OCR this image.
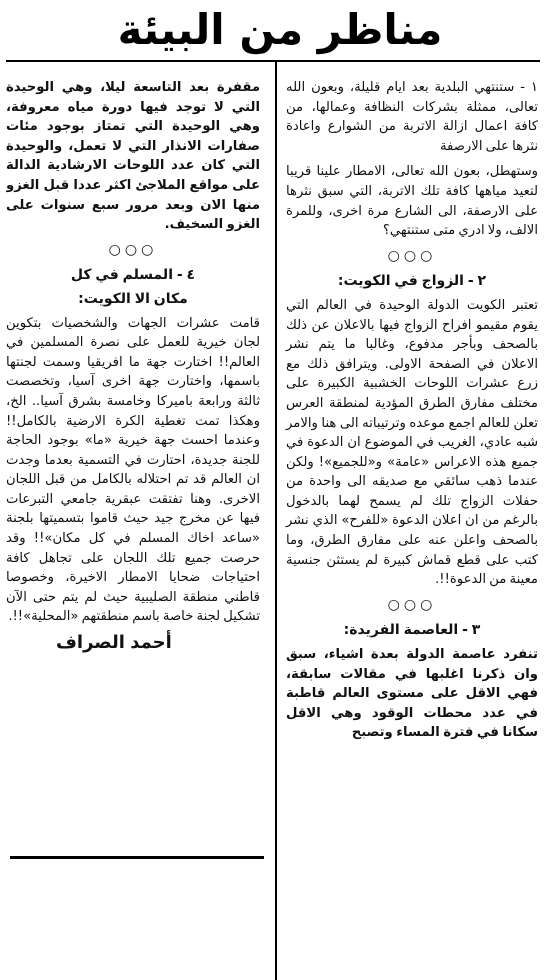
مناظر من البيئة

١ - ستنتهي البلدية بعد ايام قليلة، وبعون الله تعالى، ممثلة بشركات النظافة وعمالها، من كافة اعمال ازالة الاتربة من الشوارع واعادة نثرها على الارصفة

وستهطل، بعون الله تعالى، الامطار علينا قريبا لتعيد مياهها كافة تلك الاتربة، التي سبق نثرها على الارصفة، الى الشارع مرة اخرى، وللمرة الالف، ولا ادري متى ستنتهي؟

○○○
٢ - الزواج في الكويت:

تعتبر الكويت الدولة الوحيدة في العالم التي يقوم مقيمو افراح الزواج فيها بالاعلان عن ذلك بالصحف وبأجر مدفوع، وغالبا ما يتم نشر الاعلان في الصفحة الاولى. ويترافق ذلك مع زرع عشرات اللوحات الخشبية الكبيرة على مختلف مفارق الطرق المؤدية لمنطقة العرس تعلن للعالم اجمع موعده وترتيباته الى هنا والامر شبه عادي، الغريب في الموضوع ان الدعوة في جميع هذه الاعراس «عامة» و«للجميع»! ولكن عندما ذهب سائقي مع صديقه الى واحدة من حفلات الزواج تلك لم يسمح لهما بالدخول بالرغم من ان اعلان الدعوة «للفرح» الذي نشر بالصحف واعلن عنه على مفارق الطرق، وما كتب على قطع قماش كبيرة لم يستثن جنسية معينة من الدعوة!!.

○○○
٣ - العاصمة الفريدة:

تنفرد عاصمة الدولة بعدة اشياء، سبق وان ذكرنا اغلبها في مقالات سابقة، فهي الاقل على مستوى العالم قاطبة في عدد محطات الوقود وهي الاقل سكانا في فترة المساء وتصبح

مقفرة بعد التاسعة ليلا، وهي الوحيدة التي لا توجد فيها دورة مياه معروفة، وهي الوحيدة التي تمتاز بوجود مئات صفارات الانذار التي لا تعمل، والوحيدة التي كان عدد اللوحات الارشادية الدالة على مواقع الملاجئ اكثر عددا قبل الغزو منها الان وبعد مرور سبع سنوات على الغزو السخيف.

○○○
٤ - المسلم في كل
مكان الا الكويت:

قامت عشرات الجهات والشخصيات بتكوين لجان خيرية للعمل على نصرة المسلمين في العالم!! اختارت جهة ما افريقيا وسمت لجنتها باسمها، واختارت جهة اخرى آسيا، وتخصصت ثالثة ورابعة باميركا وخامسة بشرق آسيا.. الخ، وهكذا تمت تغطية الكرة الارضية بالكامل!! وعندما احست جهة خيرية «ما» بوجود الحاجة للجنة جديدة، احتارت في التسمية بعدما وجدت ان العالم قد تم احتلاله بالكامل من قبل اللجان الاخرى. وهنا تفتقت عبقرية جامعي التبرعات فيها عن مخرج جيد حيث قاموا بتسميتها بلجنة «ساعد اخاك المسلم في كل مكان»!! وقد حرصت جميع تلك اللجان على تجاهل كافة احتياجات ضحايا الامطار الاخيرة، وخصوصا قاطني منطقة الصليبية حيث لم يتم حتى الآن تشكيل لجنة خاصة باسم منطقتهم «المحلية»!!.

أحمد الصراف
